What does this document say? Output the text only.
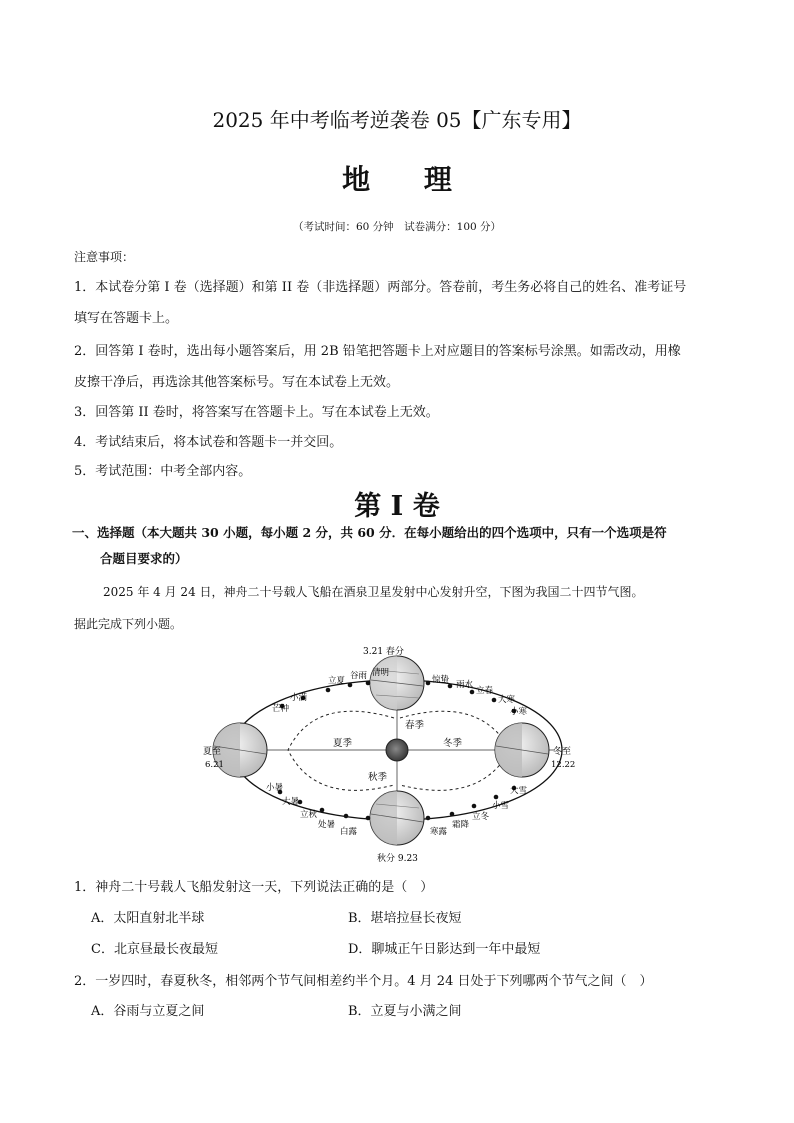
2025 年中考临考逆袭卷 05【广东专用】
地 理
（考试时间：60 分钟　试卷满分：100 分）
注意事项：
1．本试卷分第 I 卷（选择题）和第 II 卷（非选择题）两部分。答卷前，考生务必将自己的姓名、准考证号
填写在答题卡上。
2．回答第 I 卷时，选出每小题答案后，用 2B 铅笔把答题卡上对应题目的答案标号涂黑。如需改动，用橡
皮擦干净后，再选涂其他答案标号。写在本试卷上无效。
3．回答第 II 卷时，将答案写在答题卡上。写在本试卷上无效。
4．考试结束后，将本试卷和答题卡一并交回。
5．考试范围：中考全部内容。
第 I 卷
一、选择题（本大题共 30 小题，每小题 2 分，共 60 分．在每小题给出的四个选项中，只有一个选项是符
合题目要求的）
2025 年 4 月 24 日，神舟二十号载人飞船在酒泉卫星发射中心发射升空，下图为我国二十四节气图。
据此完成下列小题。
春季
夏季	冬季
秋季
3.21 春分
夏至
6.21
冬至
12.22
秋分 9.23
清明
谷雨
立夏
小满
芒种
惊蛰 雨水
立春
大寒
小寒
小暑
大暑
立秋
处暑
白露	寒露
霜降
立冬
小雪
大雪
1．神舟二十号载人飞船发射这一天，下列说法正确的是（　）
A．太阳直射北半球	B．堪培拉昼长夜短
C．北京昼最长夜最短	D．聊城正午日影达到一年中最短
2．一岁四时，春夏秋冬，相邻两个节气间相差约半个月。4 月 24 日处于下列哪两个节气之间（　）
A．谷雨与立夏之间	B．立夏与小满之间
